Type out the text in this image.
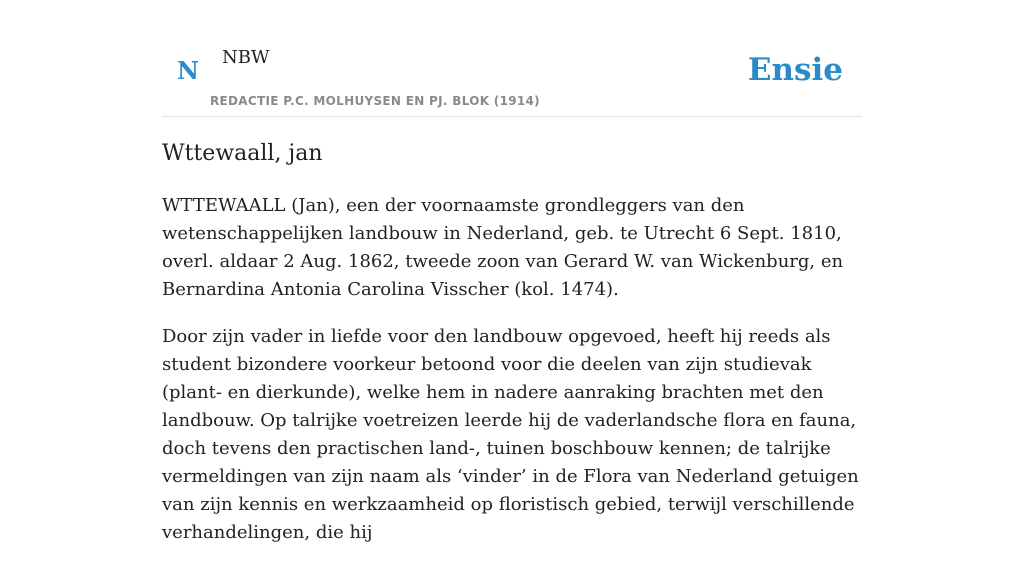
N NBW
REDACTIE P.C. MOLHUYSEN EN PJ. BLOK (1914)
Ensie
Wttewaall, jan

WTTEWAALL (Jan), een der voornaamste grondleggers van den wetenschappelijken landbouw in Nederland, geb. te Utrecht 6 Sept. 1810, overl. aldaar 2 Aug. 1862, tweede zoon van Gerard W. van Wickenburg, en Bernardina Antonia Carolina Visscher (kol. 1474).

Door zijn vader in liefde voor den landbouw opgevoed, heeft hij reeds als student bizondere voorkeur betoond voor die deelen van zijn studievak (plant- en dierkunde), welke hem in nadere aanraking brachten met den landbouw. Op talrijke voetreizen leerde hij de vaderlandsche flora en fauna, doch tevens den practischen land-, tuinen boschbouw kennen; de talrijke vermeldingen van zijn naam als ‘vinder’ in de Flora van Nederland getuigen van zijn kennis en werkzaamheid op floristisch gebied, terwijl verschillende verhandelingen, die hij
